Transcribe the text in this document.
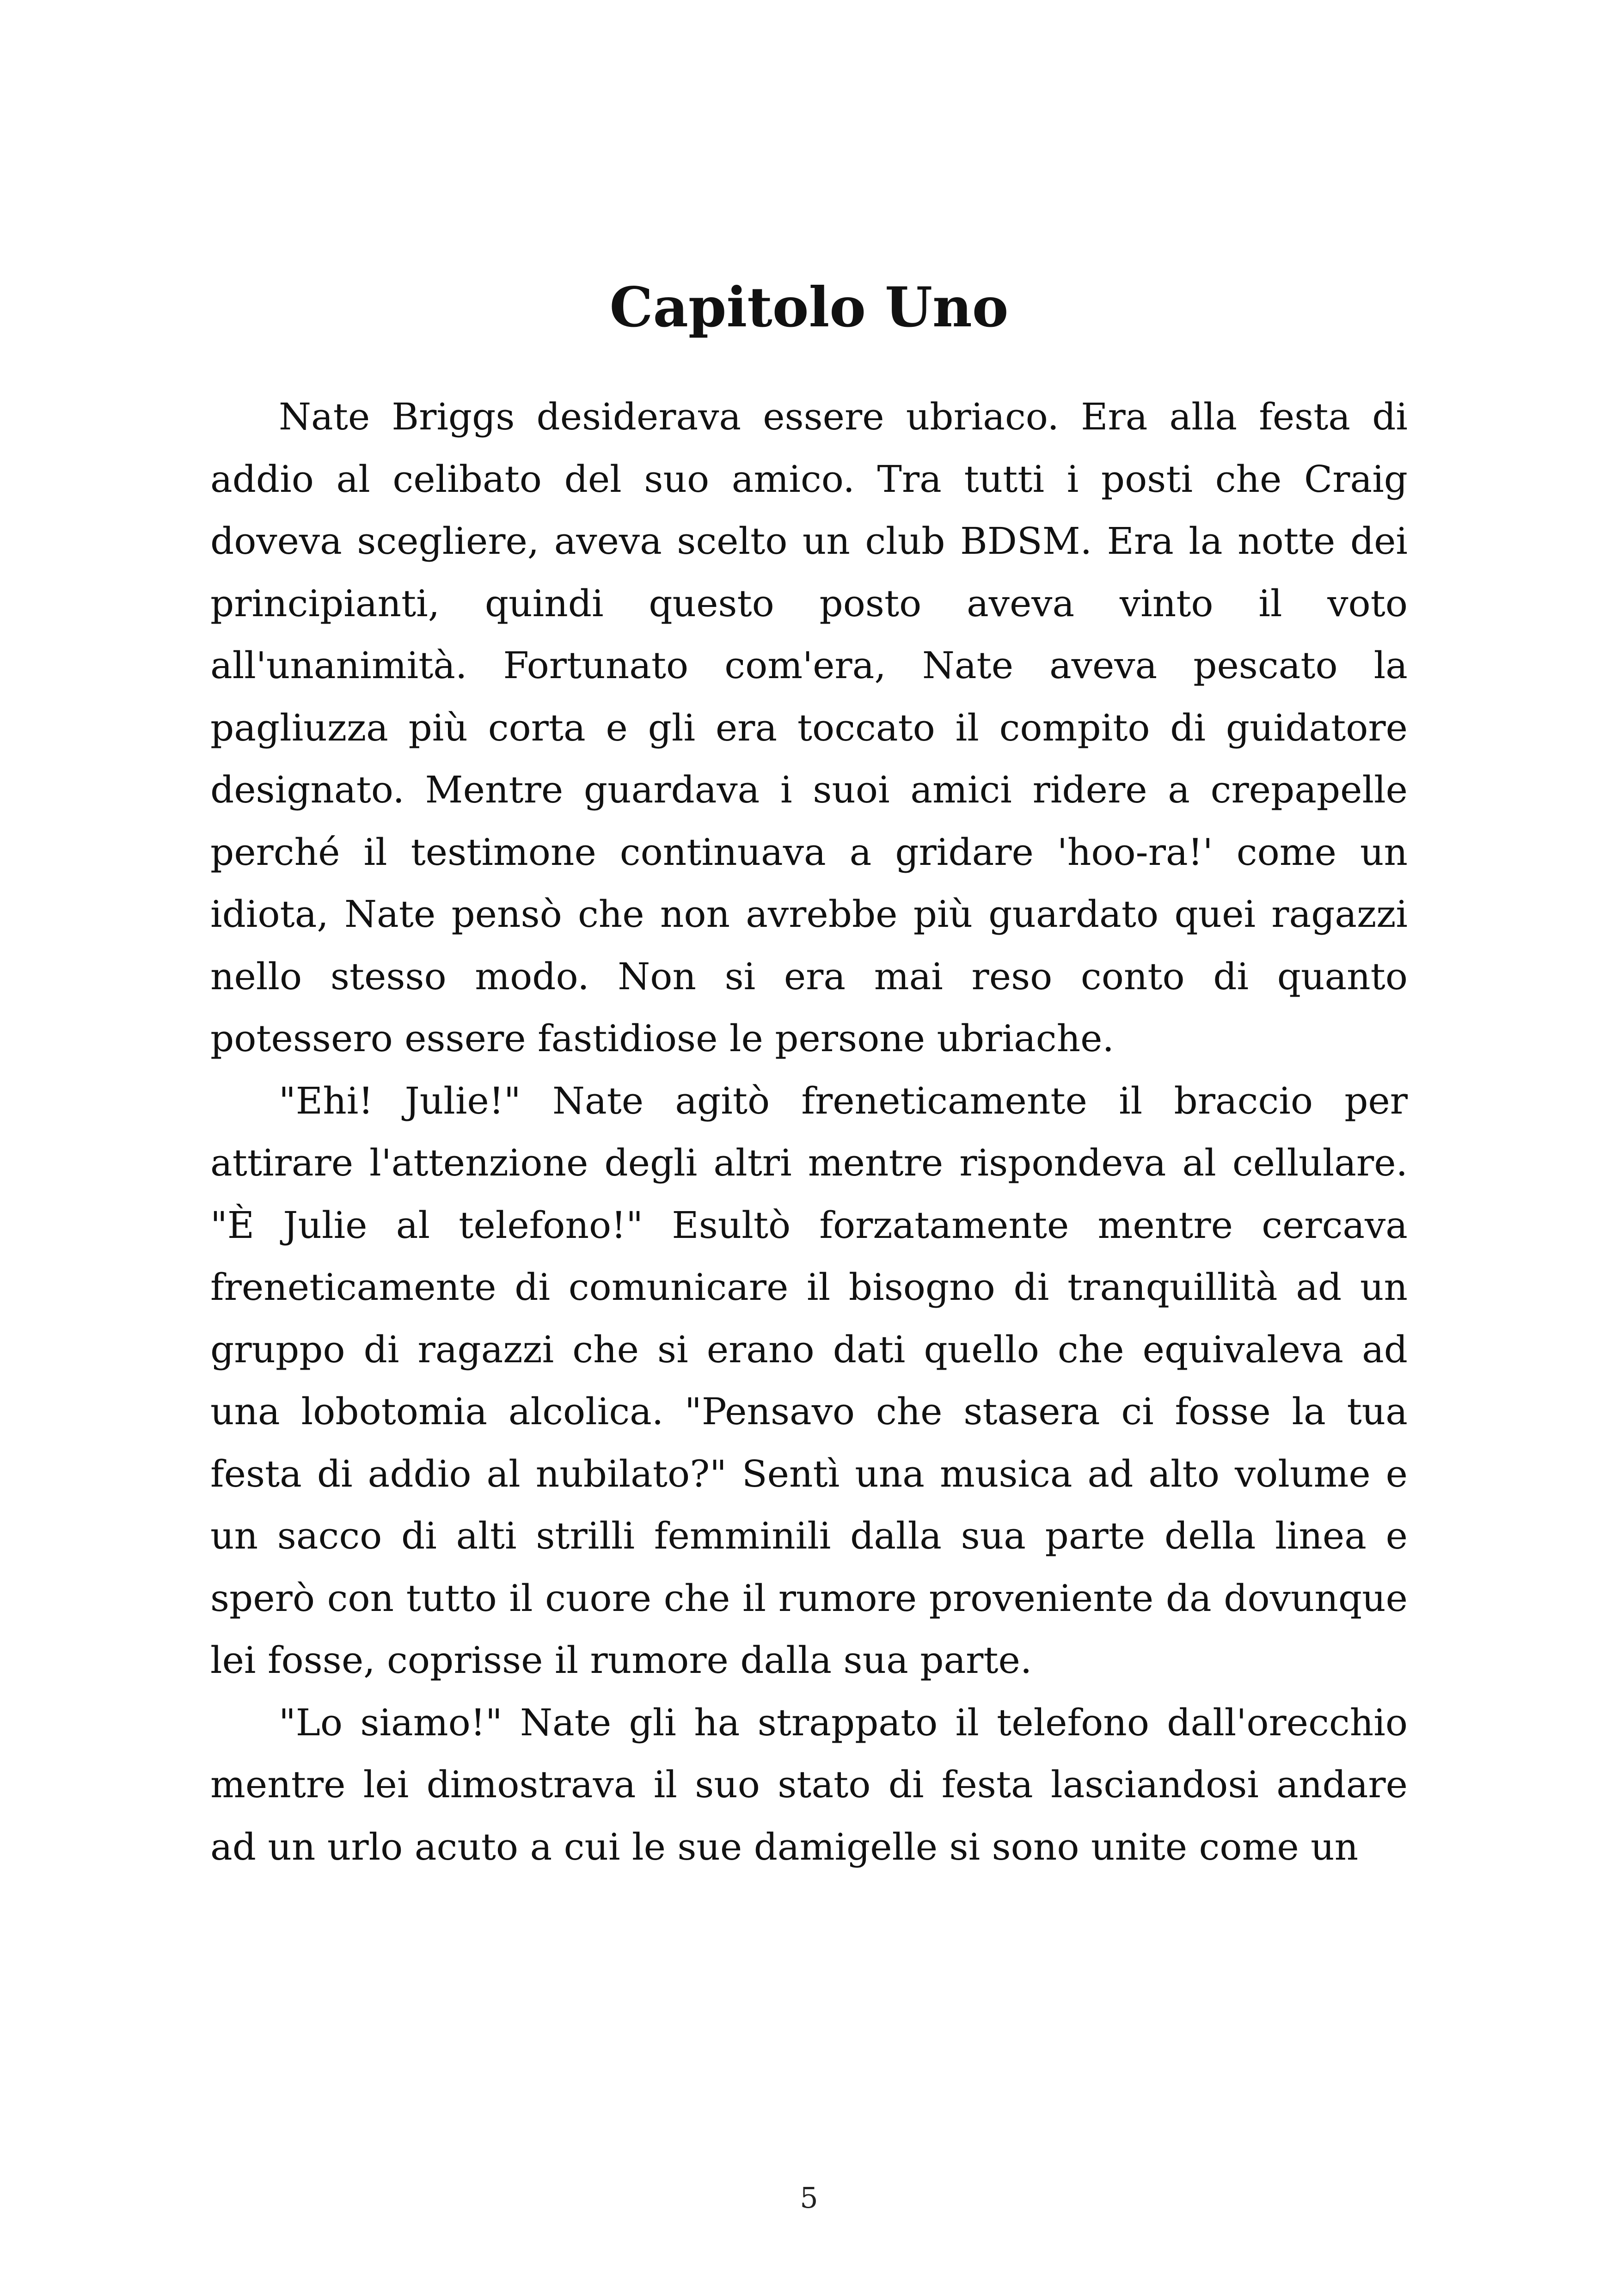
Capitolo Uno

Nate Briggs desiderava essere ubriaco. Era alla festa di addio al celibato del suo amico. Tra tutti i posti che Craig doveva scegliere, aveva scelto un club BDSM. Era la notte dei principianti, quindi questo posto aveva vinto il voto all'unanimità. Fortunato com'era, Nate aveva pescato la pagliuzza più corta e gli era toccato il compito di guidatore designato. Mentre guardava i suoi amici ridere a crepapelle perché il testimone continuava a gridare 'hoo-ra!' come un idiota, Nate pensò che non avrebbe più guardato quei ragazzi nello stesso modo. Non si era mai reso conto di quanto potessero essere fastidiose le persone ubriache.

"Ehi! Julie!" Nate agitò freneticamente il braccio per attirare l'attenzione degli altri mentre rispondeva al cellulare. "È Julie al telefono!" Esultò forzatamente mentre cercava freneticamente di comunicare il bisogno di tranquillità ad un gruppo di ragazzi che si erano dati quello che equivaleva ad una lobotomia alcolica. "Pensavo che stasera ci fosse la tua festa di addio al nubilato?" Sentì una musica ad alto volume e un sacco di alti strilli femminili dalla sua parte della linea e sperò con tutto il cuore che il rumore proveniente da dovunque lei fosse, coprisse il rumore dalla sua parte.

"Lo siamo!" Nate gli ha strappato il telefono dall'orecchio mentre lei dimostrava il suo stato di festa lasciandosi andare ad un urlo acuto a cui le sue damigelle si sono unite come un

5
